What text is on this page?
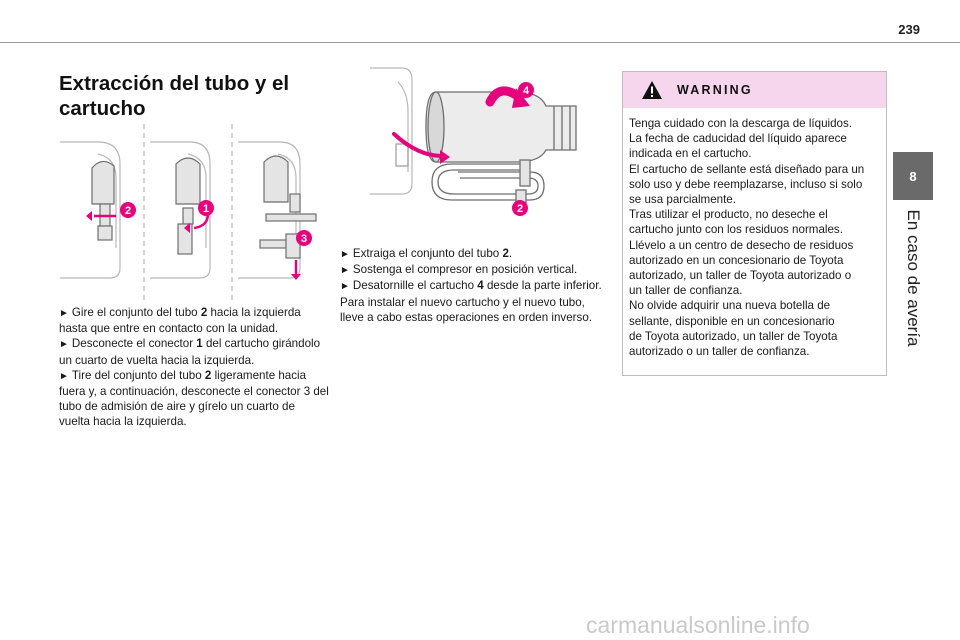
239
8
En caso de avería
Extracción del tubo y el
cartucho
2	1
3
► Gire el conjunto del tubo 2 hacia la izquierda hasta que entre en contacto con la unidad.
► Desconecte el conector 1 del cartucho girándolo un cuarto de vuelta hacia la izquierda.
► Tire del conjunto del tubo 2 ligeramente hacia fuera y, a continuación, desconecte el conector 3 del tubo de admisión de aire y gírelo un cuarto de vuelta hacia la izquierda.
4
2
► Extraiga el conjunto del tubo 2.
► Sostenga el compresor en posición vertical.
► Desatornille el cartucho 4 desde la parte inferior.
Para instalar el nuevo cartucho y el nuevo tubo, lleve a cabo estas operaciones en orden inverso.
WARNING
Tenga cuidado con la descarga de líquidos.
La fecha de caducidad del líquido aparece
indicada en el cartucho.
El cartucho de sellante está diseñado para un
solo uso y debe reemplazarse, incluso si solo
se usa parcialmente.
Tras utilizar el producto, no deseche el
cartucho junto con los residuos normales.
Llévelo a un centro de desecho de residuos
autorizado en un concesionario de Toyota
autorizado, un taller de Toyota autorizado o
un taller de confianza.
No olvide adquirir una nueva botella de
sellante, disponible en un concesionario
de Toyota autorizado, un taller de Toyota
autorizado o un taller de confianza.
carmanualsonline.info
